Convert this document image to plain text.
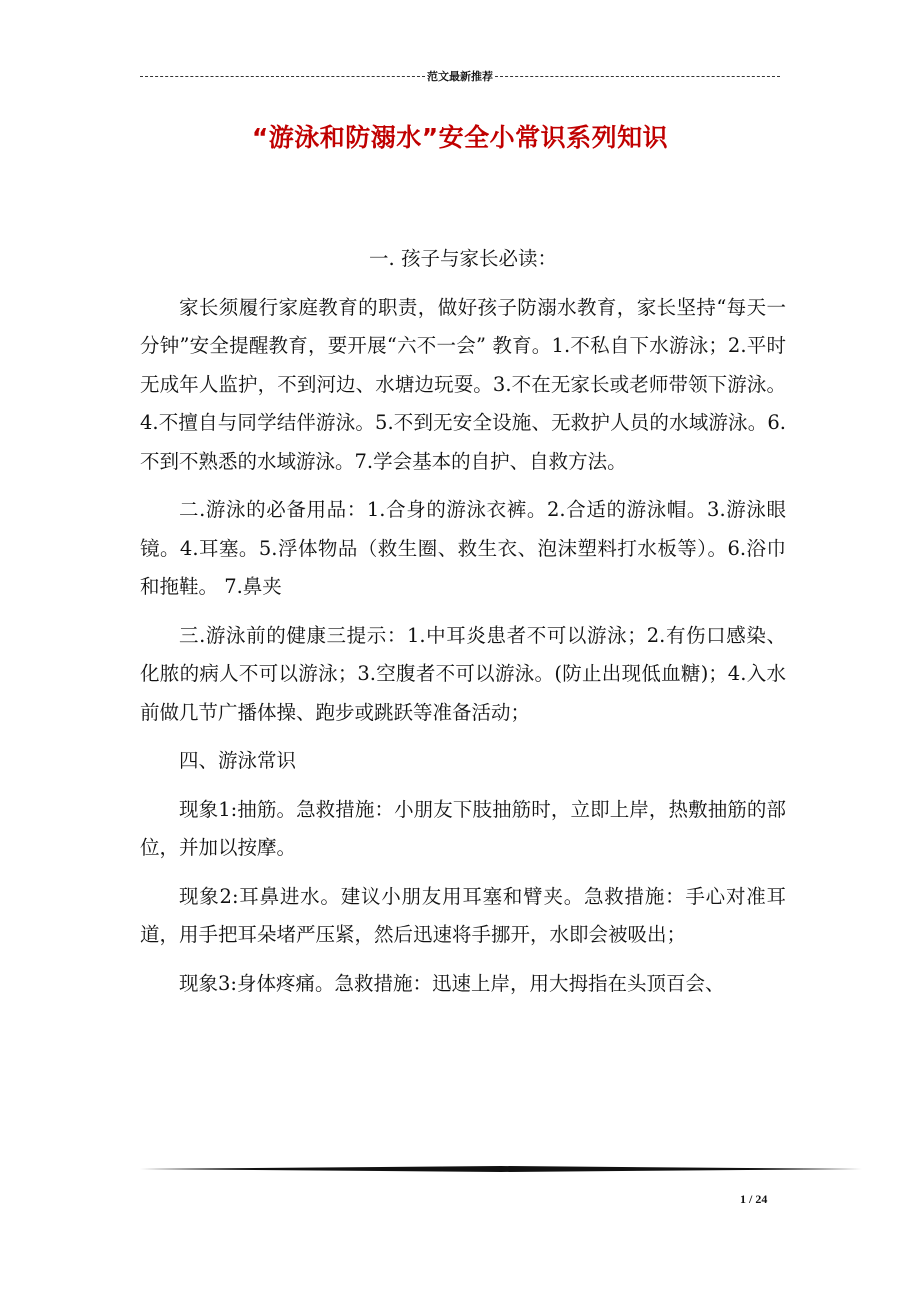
范文最新推荐
“游泳和防溺水”安全小常识系列知识

一. 孩子与家长必读：

家长须履行家庭教育的职责，做好孩子防溺水教育，家长坚持“每天一分钟”安全提醒教育，要开展“六不一会” 教育。1.不私自下水游泳；2.平时无成年人监护，不到河边、水塘边玩耍。3.不在无家长或老师带领下游泳。4.不擅自与同学结伴游泳。5.不到无安全设施、无救护人员的水域游泳。6.不到不熟悉的水域游泳。7.学会基本的自护、自救方法。

二.游泳的必备用品：1.合身的游泳衣裤。2.合适的游泳帽。3.游泳眼镜。4.耳塞。5.浮体物品（救生圈、救生衣、泡沫塑料打水板等）。6.浴巾和拖鞋。 7.鼻夹

三.游泳前的健康三提示：1.中耳炎患者不可以游泳；2.有伤口感染、化脓的病人不可以游泳；3.空腹者不可以游泳。(防止出现低血糖)；4.入水前做几节广播体操、跑步或跳跃等准备活动；

四、游泳常识

现象1:抽筋。急救措施：小朋友下肢抽筋时，立即上岸，热敷抽筋的部位，并加以按摩。

现象2:耳鼻进水。建议小朋友用耳塞和臂夹。急救措施：手心对准耳道，用手把耳朵堵严压紧，然后迅速将手挪开，水即会被吸出；

现象3:身体疼痛。急救措施：迅速上岸，用大拇指在头顶百会、

1 / 24
